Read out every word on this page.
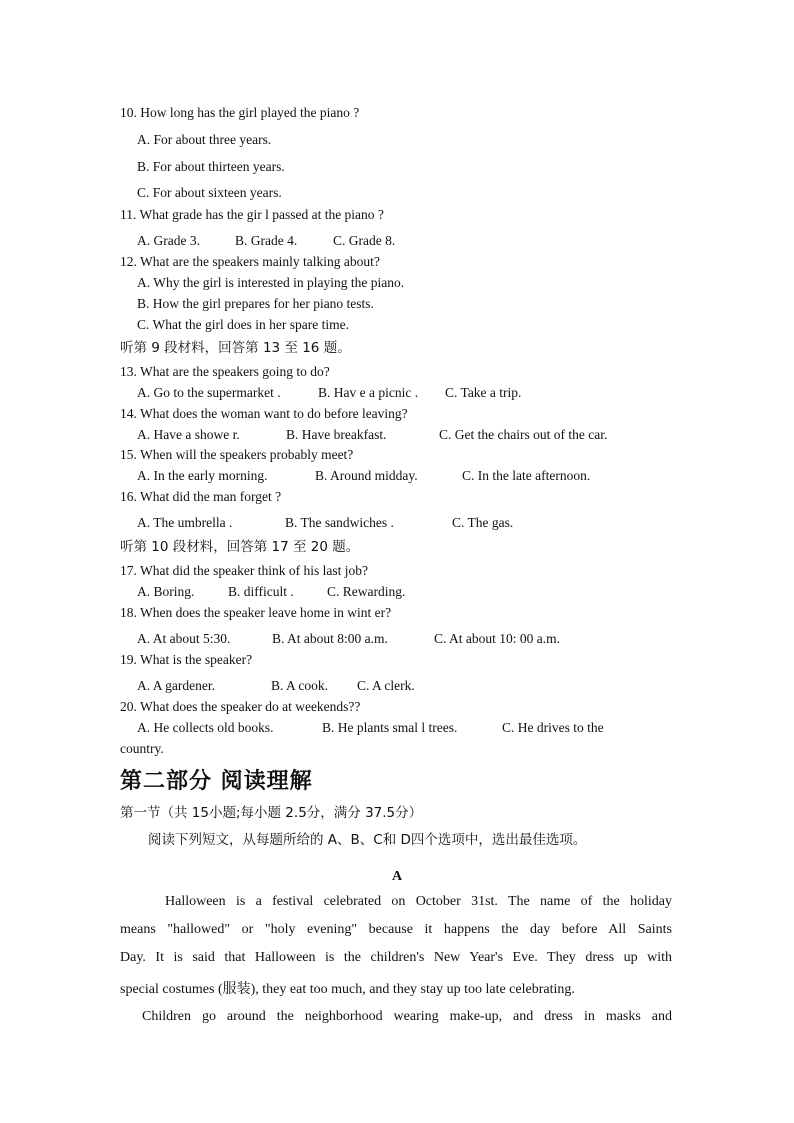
10. How long has the girl played the piano ?
A. For about three years.
B. For about thirteen years.
C. For about sixteen years.
11. What grade has the gir l passed at the piano ?
A. Grade 3.	B. Grade 4.	C. Grade 8.
12. What are the speakers mainly talking about?
A. Why the girl is interested in playing the piano.
B. How the girl prepares for her piano tests.
C. What the girl does in her spare time.
听第 9 段材料，回答第 13 至 16 题。
13. What are the speakers going to do?
A. Go to the supermarket .	B. Hav e a picnic . C. Take a trip.
14. What does the woman want to do before leaving?
A. Have a showe r.	B. Have breakfast.	C. Get the chairs out of the car.
15. When will the speakers probably meet?
A. In the early morning.	B. Around midday.	C. In the late afternoon.
16. What did the man forget ?
A. The umbrella .	B. The sandwiches .	C. The gas.
听第 10 段材料，回答第 17 至 20 题。
17. What did the speaker think of his last job?
A. Boring. B. difficult . C. Rewarding.
18. When does the speaker leave home in wint er?
A. At about 5:30.	B. At about 8:00 a.m.	C. At about 10: 00 a.m.
19. What is the speaker?
A. A gardener.	B. A cook. C. A clerk.
20. What does the speaker do at weekends??
A. He collects old books.	B. He plants smal l trees.	C. He drives to the
country.
第二部分 阅读理解
第一节（共 15小题;每小题 2.5分，满分 37.5分）
阅读下列短文，从每题所给的 A、B、C和 D四个选项中，选出最佳选项。
A
Halloween is a festival celebrated on October 31st. The name of the holiday
means "hallowed" or "holy evening" because it happens the day before All Saints
Day. It is said that Halloween is the children's New Year's Eve. They dress up with
special costumes (服装), they eat too much, and they stay up too late celebrating.
Children go around the neighborhood wearing make-up, and dress in masks and
